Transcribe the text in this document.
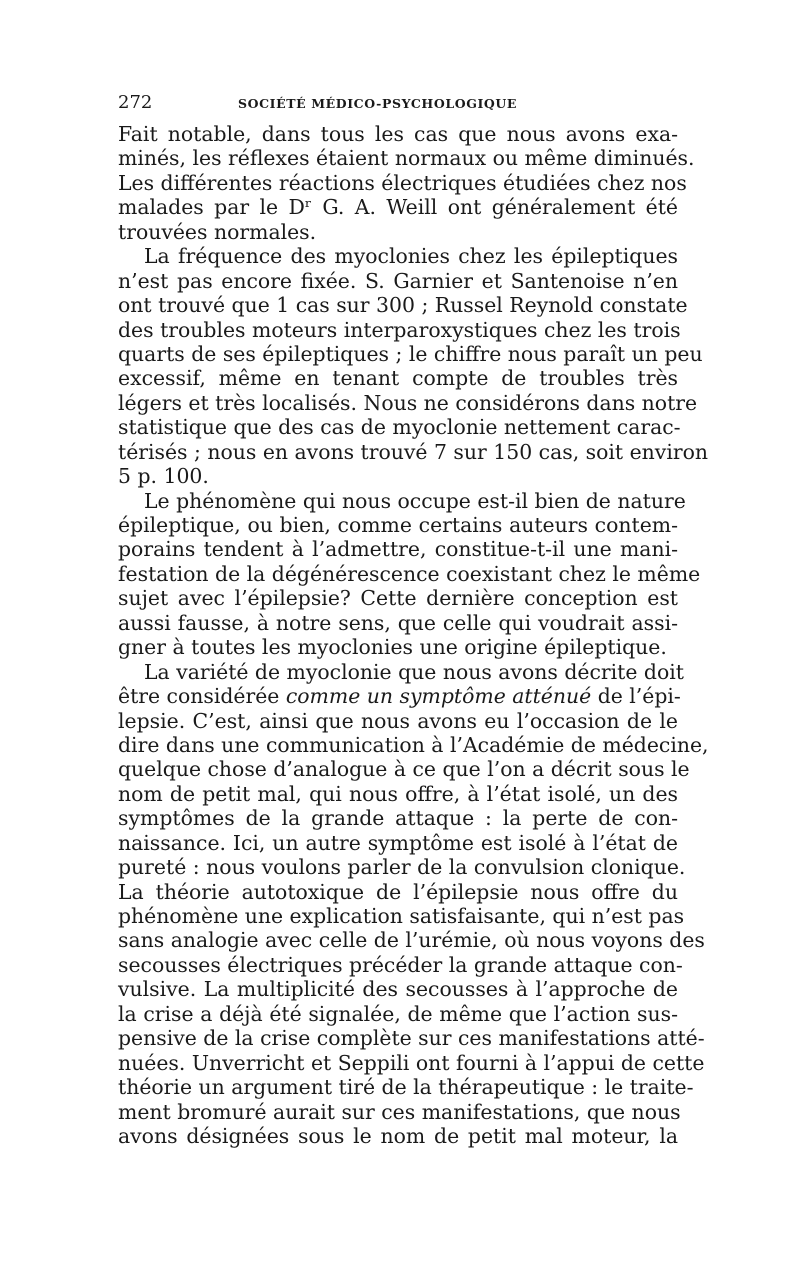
272	SOCIÉTÉ MÉDICO-PSYCHOLOGIQUE
Fait notable, dans tous les cas que nous avons exa-
minés, les réflexes étaient normaux ou même diminués.
Les différentes réactions électriques étudiées chez nos
malades par le Dʳ G. A. Weill ont généralement été
trouvées normales.
La fréquence des myoclonies chez les épileptiques
n’est pas encore fixée. S. Garnier et Santenoise n’en
ont trouvé que 1 cas sur 300 ; Russel Reynold constate
des troubles moteurs interparoxystiques chez les trois
quarts de ses épileptiques ; le chiffre nous paraît un peu
excessif, même en tenant compte de troubles très
légers et très localisés. Nous ne considérons dans notre
statistique que des cas de myoclonie nettement carac-
térisés ; nous en avons trouvé 7 sur 150 cas, soit environ
5 p. 100.
Le phénomène qui nous occupe est-il bien de nature
épileptique, ou bien, comme certains auteurs contem-
porains tendent à l’admettre, constitue-t-il une mani-
festation de la dégénérescence coexistant chez le même
sujet avec l’épilepsie? Cette dernière conception est
aussi fausse, à notre sens, que celle qui voudrait assi-
gner à toutes les myoclonies une origine épileptique.
La variété de myoclonie que nous avons décrite doit
être considérée comme un symptôme atténué de l’épi-
lepsie. C’est, ainsi que nous avons eu l’occasion de le
dire dans une communication à l’Académie de médecine,
quelque chose d’analogue à ce que l’on a décrit sous le
nom de petit mal, qui nous offre, à l’état isolé, un des
symptômes de la grande attaque : la perte de con-
naissance. Ici, un autre symptôme est isolé à l’état de
pureté : nous voulons parler de la convulsion clonique.
La théorie autotoxique de l’épilepsie nous offre du
phénomène une explication satisfaisante, qui n’est pas
sans analogie avec celle de l’urémie, où nous voyons des
secousses électriques précéder la grande attaque con-
vulsive. La multiplicité des secousses à l’approche de
la crise a déjà été signalée, de même que l’action sus-
pensive de la crise complète sur ces manifestations atté-
nuées. Unverricht et Seppili ont fourni à l’appui de cette
théorie un argument tiré de la thérapeutique : le traite-
ment bromuré aurait sur ces manifestations, que nous
avons désignées sous le nom de petit mal moteur, la
